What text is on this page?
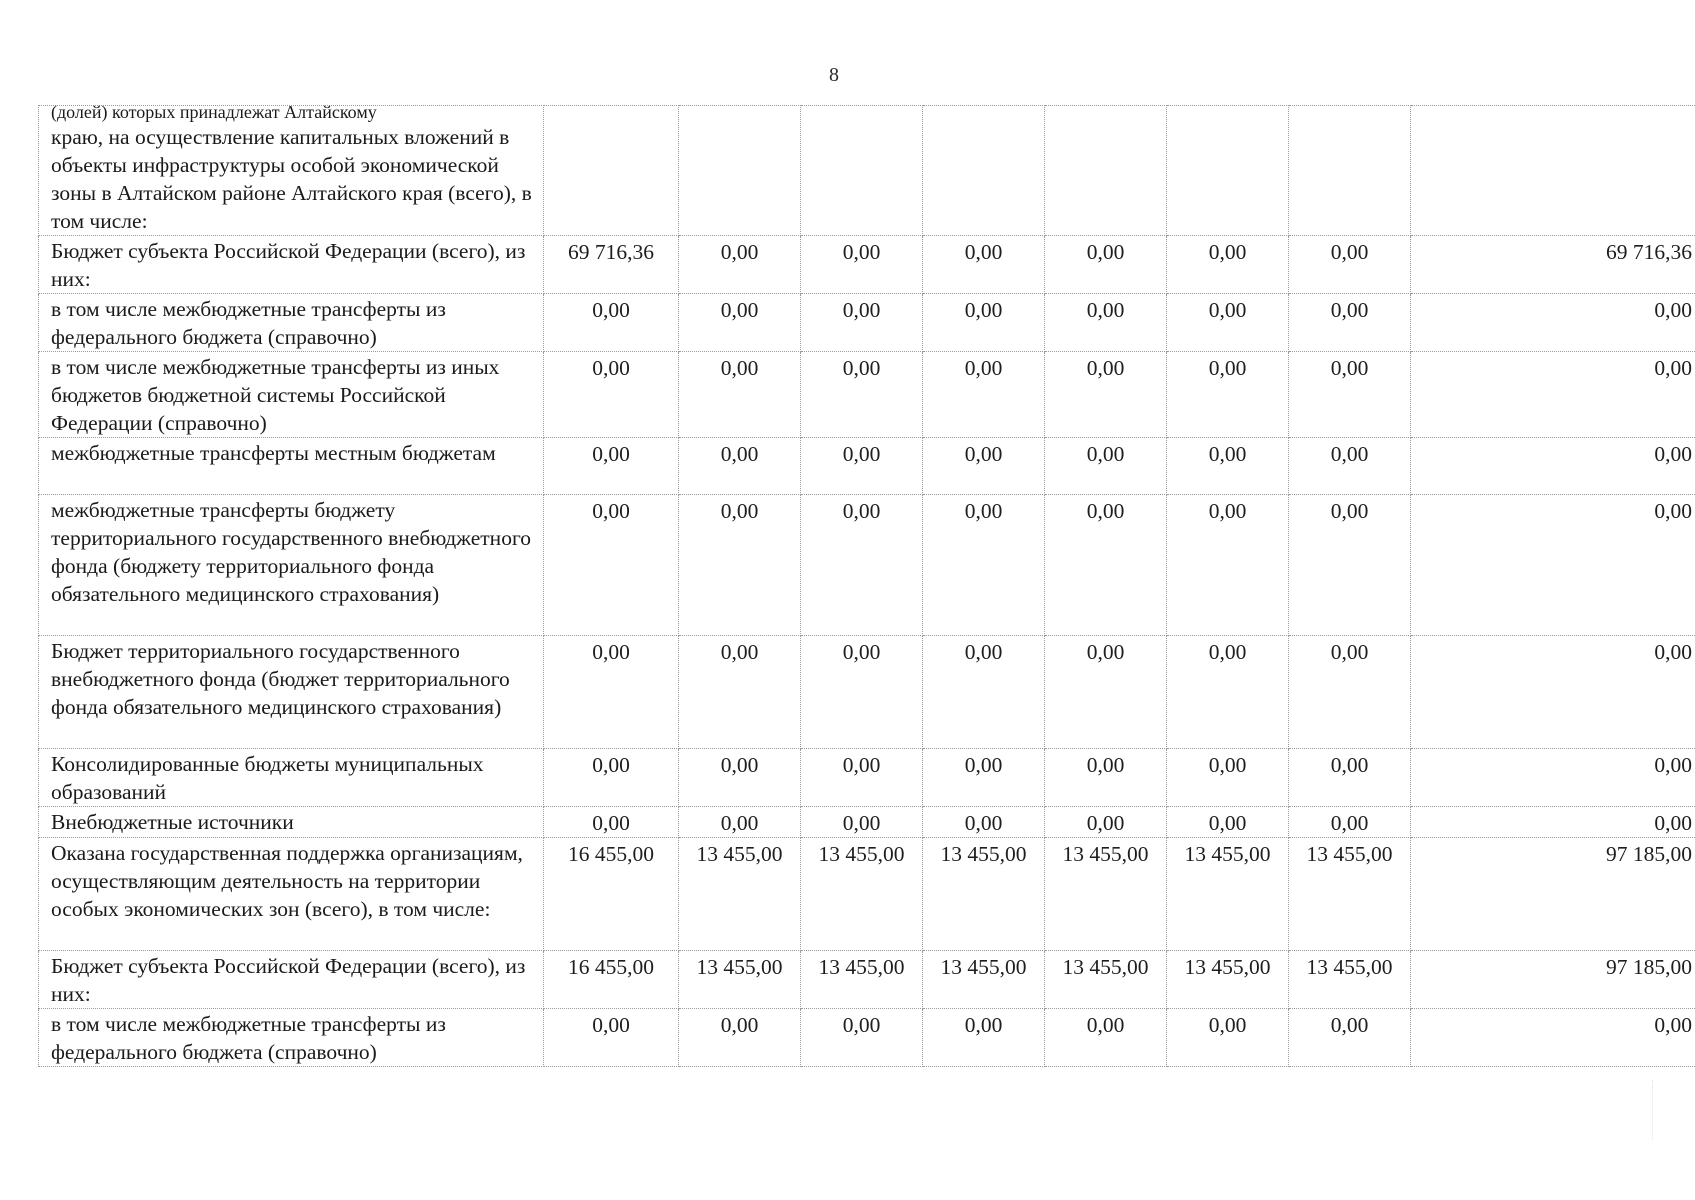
8
(долей) которых принадлежат Алтайскому
краю, на осуществление капитальных вложений в объекты инфраструктуры особой экономической зоны в Алтайском районе Алтайского края (всего), в том числе:								
Бюджет субъекта Российской Федерации (всего), из них:	69 716,36	0,00	0,00	0,00	0,00	0,00	0,00	69 716,36
в том числе межбюджетные трансферты из федерального бюджета (справочно)	0,00	0,00	0,00	0,00	0,00	0,00	0,00	0,00
в том числе межбюджетные трансферты из иных бюджетов бюджетной системы Российской Федерации (справочно)	0,00	0,00	0,00	0,00	0,00	0,00	0,00	0,00
межбюджетные трансферты местным бюджетам	0,00	0,00	0,00	0,00	0,00	0,00	0,00	0,00
межбюджетные трансферты бюджету территориального государственного внебюджетного фонда (бюджету территориального фонда обязательного медицинского страхования)	0,00	0,00	0,00	0,00	0,00	0,00	0,00	0,00
Бюджет территориального государственного внебюджетного фонда (бюджет территориального фонда обязательного медицинского страхования)	0,00	0,00	0,00	0,00	0,00	0,00	0,00	0,00
Консолидированные бюджеты муниципальных образований	0,00	0,00	0,00	0,00	0,00	0,00	0,00	0,00
Внебюджетные источники	0,00	0,00	0,00	0,00	0,00	0,00	0,00	0,00
Оказана государственная поддержка организациям, осуществляющим деятельность на территории особых экономических зон (всего), в том числе:	16 455,00	13 455,00	13 455,00	13 455,00	13 455,00	13 455,00	13 455,00	97 185,00
Бюджет субъекта Российской Федерации (всего), из них:	16 455,00	13 455,00	13 455,00	13 455,00	13 455,00	13 455,00	13 455,00	97 185,00
в том числе межбюджетные трансферты из федерального бюджета (справочно)	0,00	0,00	0,00	0,00	0,00	0,00	0,00	0,00
